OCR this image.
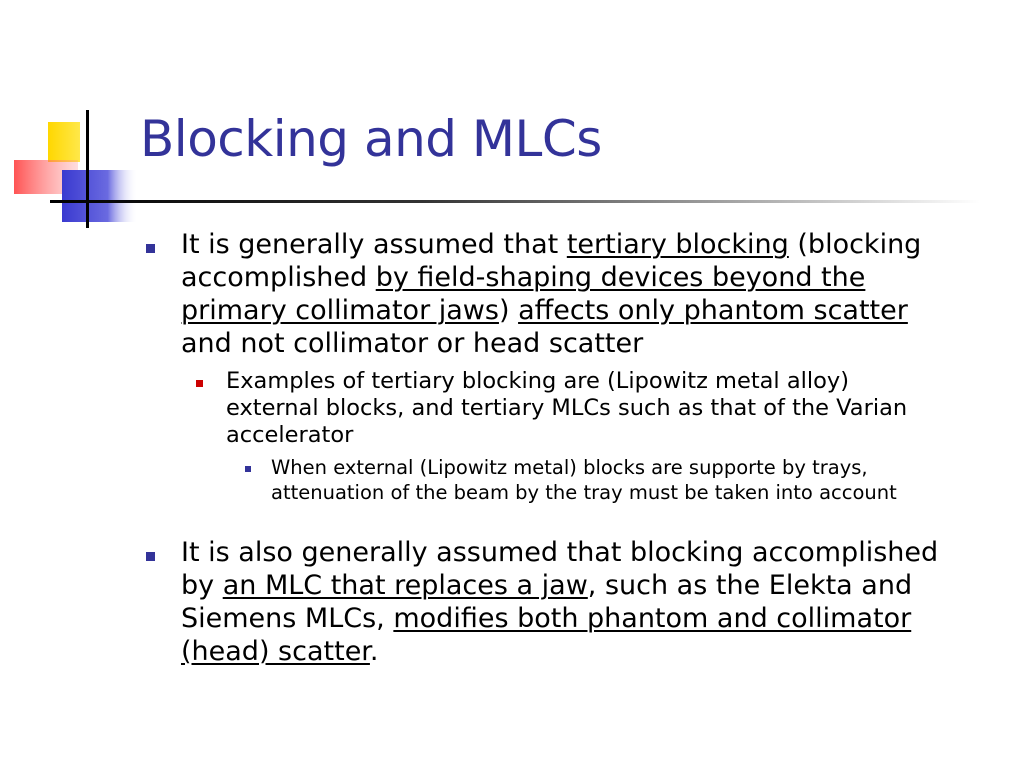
Blocking and MLCs
It is generally assumed that tertiary blocking (blocking accomplished by field-shaping devices beyond the primary collimator jaws) affects only phantom scatter and not collimator or head scatter
Examples of tertiary blocking are (Lipowitz metal alloy) external blocks, and tertiary MLCs such as that of the Varian accelerator
When external (Lipowitz metal) blocks are supporte by trays, attenuation of the beam by the tray must be taken into account
It is also generally assumed that blocking accomplished by an MLC that replaces a jaw, such as the Elekta and Siemens MLCs, modifies both phantom and collimator (head) scatter.
